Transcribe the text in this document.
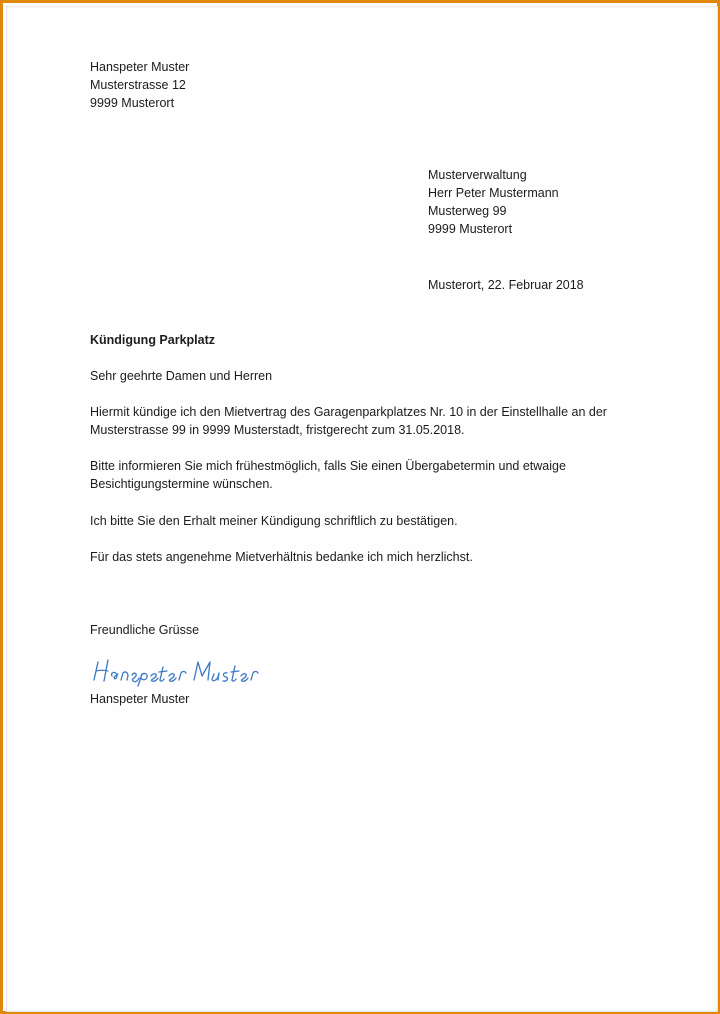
Hanspeter Muster
Musterstrasse 12
9999 Musterort
Musterverwaltung
Herr Peter Mustermann
Musterweg 99
9999 Musterort
Musterort, 22. Februar 2018
Kündigung Parkplatz
Sehr geehrte Damen und Herren
Hiermit kündige ich den Mietvertrag des Garagenparkplatzes Nr. 10 in der Einstellhalle an der
Musterstrasse 99 in 9999 Musterstadt, fristgerecht zum 31.05.2018.
Bitte informieren Sie mich frühestmöglich, falls Sie einen Übergabetermin und etwaige
Besichtigungstermine wünschen.
Ich bitte Sie den Erhalt meiner Kündigung schriftlich zu bestätigen.
Für das stets angenehme Mietverhältnis bedanke ich mich herzlichst.
Freundliche Grüsse
Hanspeter Muster
